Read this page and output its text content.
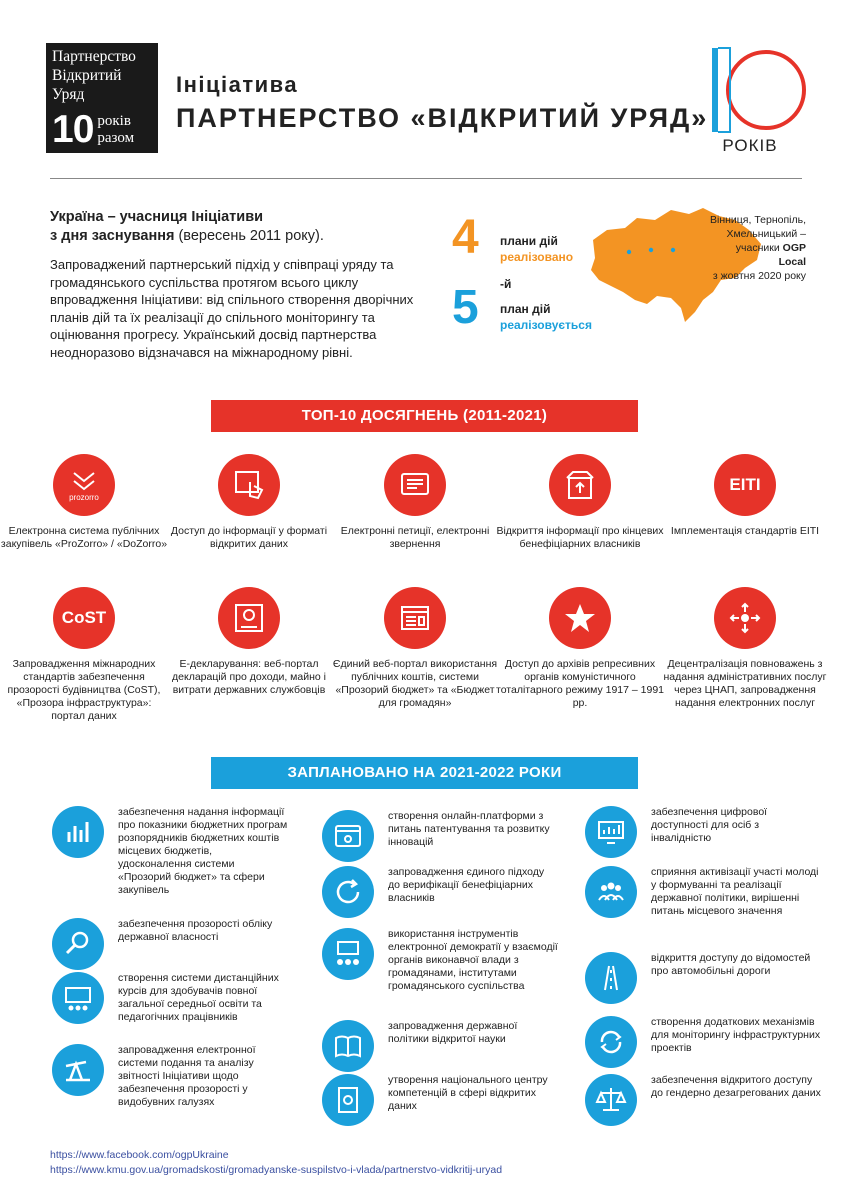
Партнерство
Відкритий
Уряд
10 років
разом
Ініціатива
ПАРТНЕРСТВО «ВІДКРИТИЙ УРЯД»
РОКІВ
Україна – учасниця Ініціативи
з дня заснування (вересень 2011 року).
Запроваджений партнерський підхід у співпраці уряду та громадянського суспільства протягом всього циклу впровадження Ініціативи: від спільного створення дворічних планів дій та їх реалізації до спільного моніторингу та оцінювання прогресу. Український досвід партнерства неодноразово відзначався на міжнародному рівні.
4 плани дій
реалізовано
5 -й
план дій
реалізовується
Вінниця, Тернопіль,
Хмельницький –
учасники OGP Local
з жовтня 2020 року
ТОП-10 ДОСЯГНЕНЬ (2011-2021)
prozorro
Електронна система публічних закупівель «ProZorro» / «DoZorro»
Доступ до інформації у форматі відкритих даних
Електронні петиції, електронні звернення
Відкриття інформації про кінцевих бенефіціарних власників
EITI
Імплементація стандартів EITI
CoST
Запровадження міжнародних стандартів забезпечення прозорості будівництва (CoST), «Прозора інфраструктура»: портал даних
Е-декларування: веб-портал декларацій про доходи, майно і витрати державних службовців
Єдиний веб-портал використання публічних коштів, системи «Прозорий бюджет» та «Бюджет для громадян»
Доступ до архівів репресивних органів комуністичного тоталітарного режиму 1917 – 1991 рр.
Децентралізація повноважень з надання адміністративних послуг через ЦНАП, запровадження надання електронних послуг
ЗАПЛАНОВАНО НА 2021-2022 РОКИ
забезпечення надання інформації про показники бюджетних програм розпорядників бюджетних коштів місцевих бюджетів, удосконалення системи «Прозорий бюджет» та сфери закупівель
забезпечення прозорості обліку державної власності
створення системи дистанційних курсів для здобувачів повної загальної середньої освіти та педагогічних працівників
запровадження електронної системи подання та аналізу звітності Ініціативи щодо забезпечення прозорості у видобувних галузях
створення онлайн-платформи з питань патентування та розвитку інновацій
запровадження єдиного підходу до верифікації бенефіціарних власників
використання інструментів електронної демократії у взаємодії органів виконавчої влади з громадянами, інститутами громадянського суспільства
запровадження державної політики відкритої науки
утворення національного центру компетенцій в сфері відкритих даних
забезпечення цифрової доступності для осіб з інвалідністю
сприяння активізації участі молоді у формуванні та реалізації державної політики, вирішенні питань місцевого значення
відкриття доступу до відомостей про автомобільні дороги
створення додаткових механізмів для моніторингу інфраструктурних проектів
забезпечення відкритого доступу до гендерно дезагрегованих даних
https://www.facebook.com/ogpUkraine
https://www.kmu.gov.ua/gromadskosti/gromadyanske-suspilstvo-i-vlada/partnerstvo-vidkritij-uryad
